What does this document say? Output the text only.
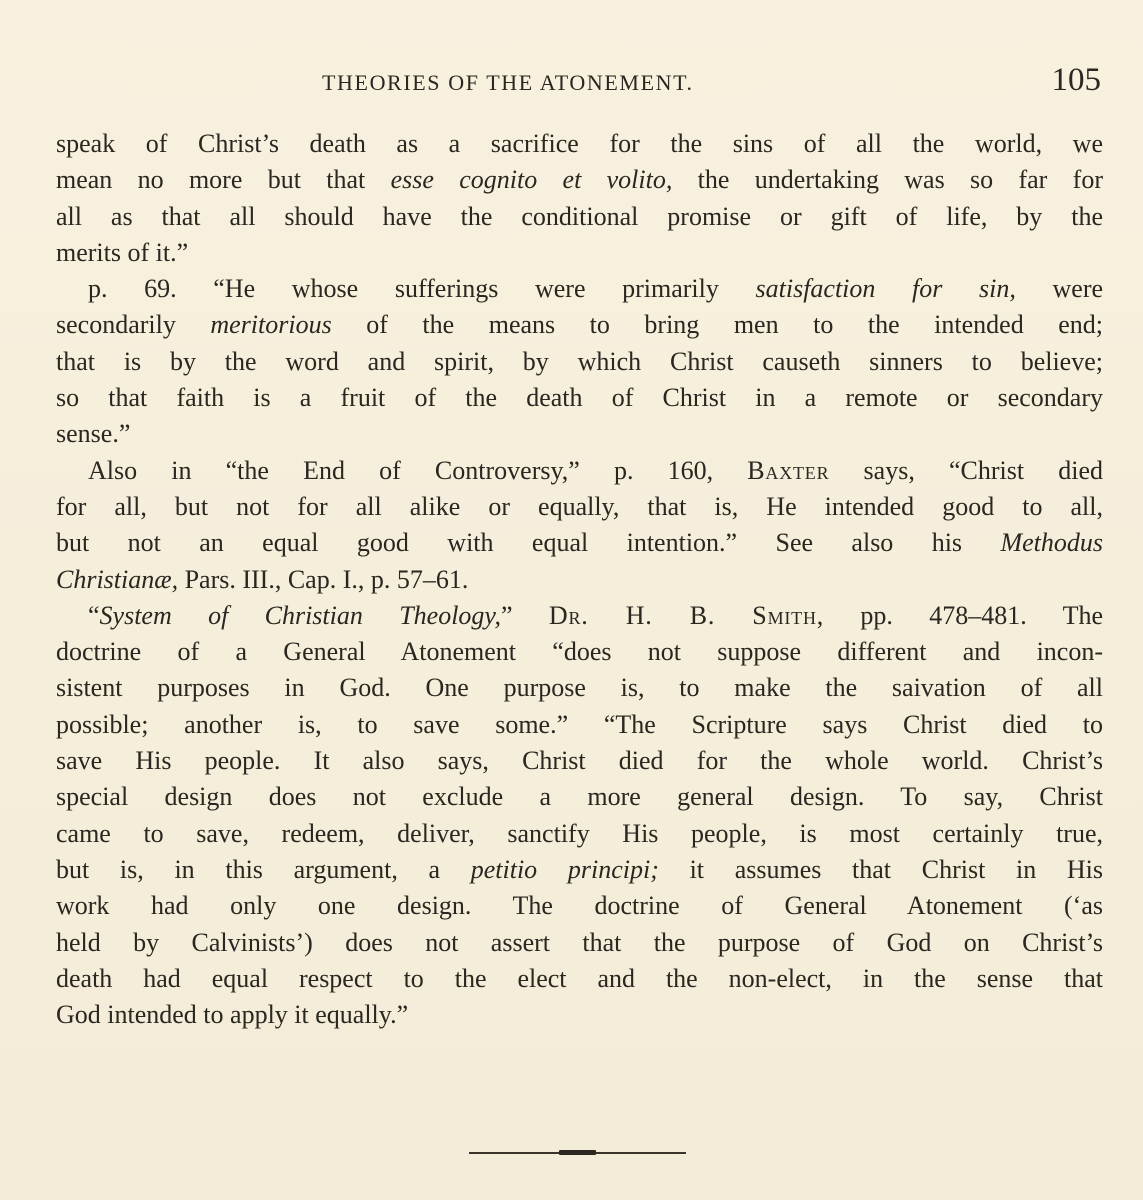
THEORIES OF THE ATONEMENT.	105
speak of Christ’s death as a sacrifice for the sins of all the world, we
mean no more but that esse cognito et volito, the undertaking was so far for
all as that all should have the conditional promise or gift of life, by the
merits of it.”
p. 69. “He whose sufferings were primarily satisfaction for sin, were
secondarily meritorious of the means to bring men to the intended end;
that is by the word and spirit, by which Christ causeth sinners to believe;
so that faith is a fruit of the death of Christ in a remote or secondary
sense.”
Also in “the End of Controversy,” p. 160, Baxter says, “Christ died
for all, but not for all alike or equally, that is, He intended good to all,
but not an equal good with equal intention.” See also his Methodus
Christianæ, Pars. III., Cap. I., p. 57–61.
“System of Christian Theology,” Dr. H. B. Smith, pp. 478–481. The
doctrine of a General Atonement “does not suppose different and incon-
sistent purposes in God. One purpose is, to make the saivation of all
possible; another is, to save some.” “The Scripture says Christ died to
save His people. It also says, Christ died for the whole world. Christ’s
special design does not exclude a more general design. To say, Christ
came to save, redeem, deliver, sanctify His people, is most certainly true,
but is, in this argument, a petitio principi; it assumes that Christ in His
work had only one design. The doctrine of General Atonement (‘as
held by Calvinists’) does not assert that the purpose of God on Christ’s
death had equal respect to the elect and the non-elect, in the sense that
God intended to apply it equally.”
